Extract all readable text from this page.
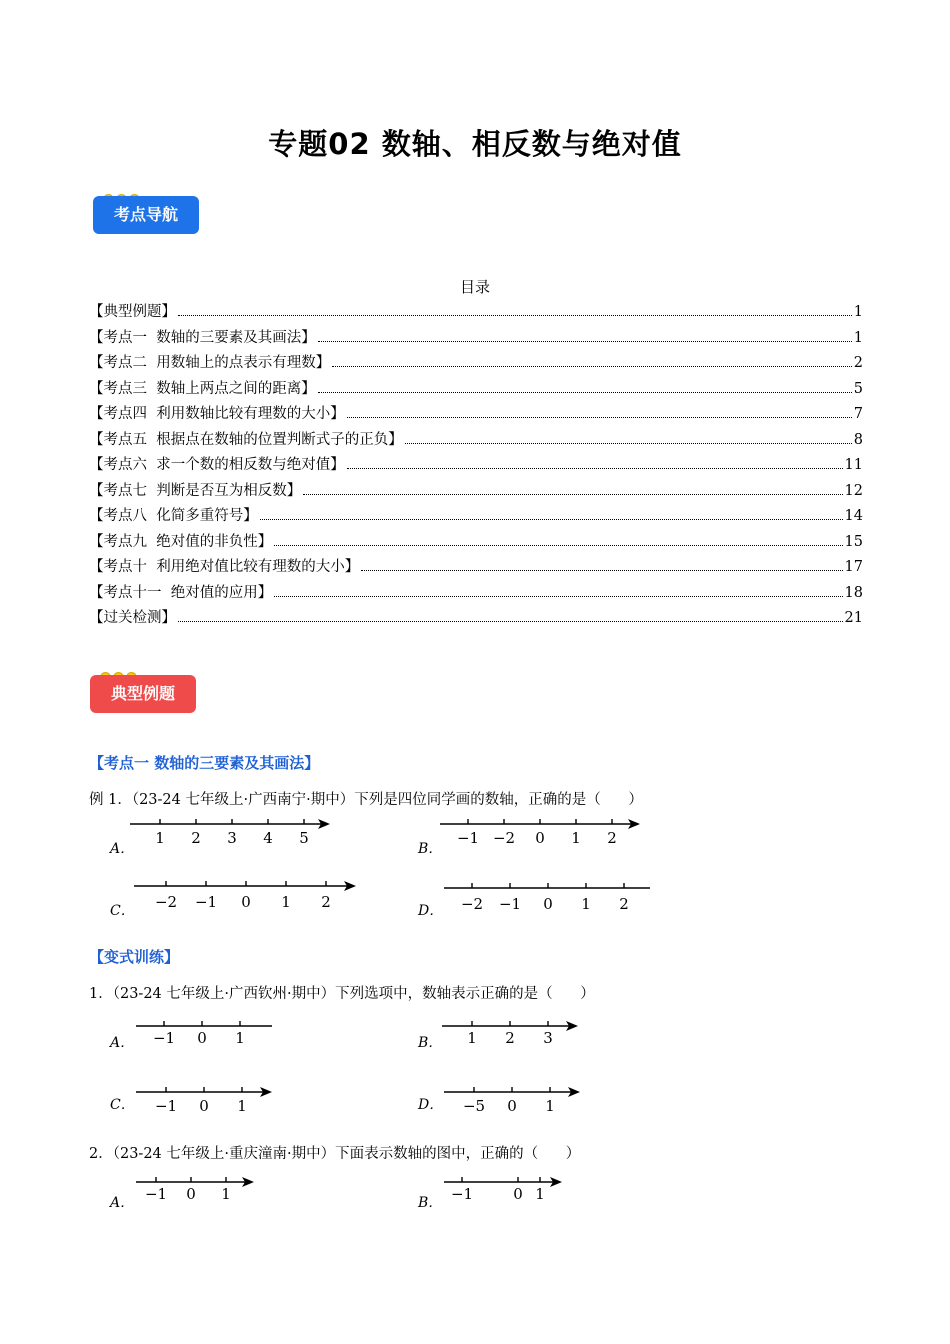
专题02 数轴、相反数与绝对值
考点导航
目录
【典型例题】	1
【考点一  数轴的三要素及其画法】	1
【考点二  用数轴上的点表示有理数】	2
【考点三  数轴上两点之间的距离】	5
【考点四  利用数轴比较有理数的大小】	7
【考点五  根据点在数轴的位置判断式子的正负】	8
【考点六  求一个数的相反数与绝对值】	11
【考点七  判断是否互为相反数】	12
【考点八  化简多重符号】	14
【考点九  绝对值的非负性】	15
【考点十  利用绝对值比较有理数的大小】	17
【考点十一  绝对值的应用】	18
【过关检测】	21
典型例题
【考点一 数轴的三要素及其画法】
例 1．（23-24 七年级上·广西南宁·期中）下列是四位同学画的数轴，正确的是（      ）
A．
1 2 3 4 5
B．
−1 −2 0 1 2
C． −2 −1 0 1 2	D． −2 −1 0 1 2
【变式训练】
1．（23-24 七年级上·广西钦州·期中）下列选项中，数轴表示正确的是（      ）
A． −1 0 1	B． 1 2 3
C． −1 0 1	D． −5 0 1
2．（23-24 七年级上·重庆潼南·期中）下面表示数轴的图中，正确的（      ）
A． −1 0 1	B． −1	0 1
